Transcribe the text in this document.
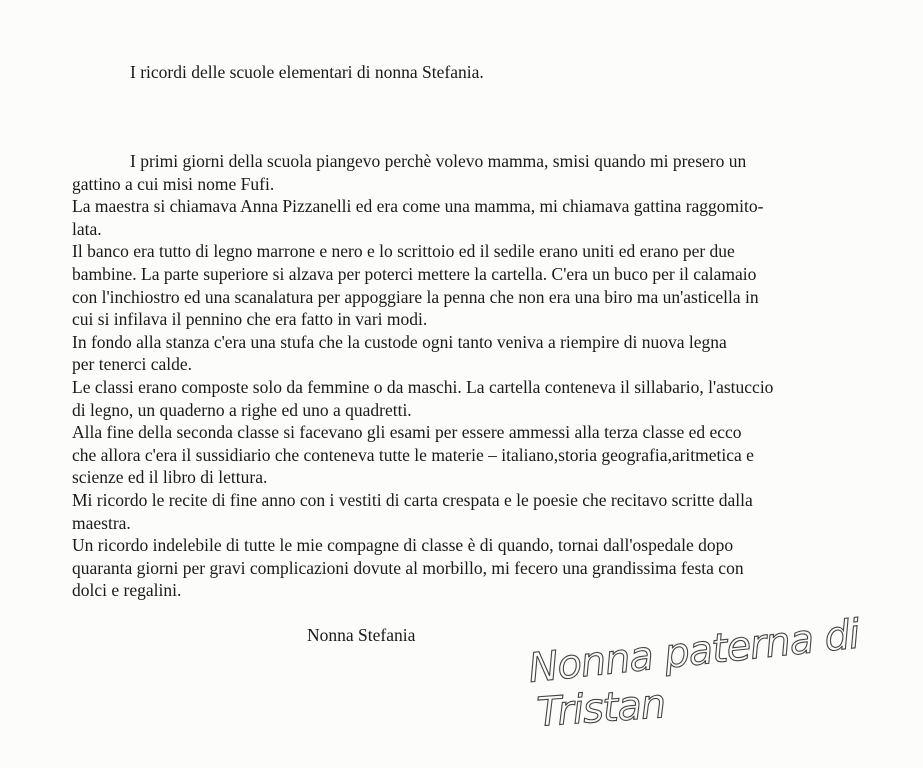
I ricordi delle scuole elementari di nonna Stefania.

I primi giorni della scuola piangevo perchè volevo mamma, smisi quando mi presero un
gattino a cui misi nome Fufi.
La maestra si chiamava Anna Pizzanelli ed era come una mamma, mi chiamava gattina raggomito-
lata.
Il banco era tutto di legno marrone e nero e lo scrittoio ed il sedile erano uniti ed erano per due
bambine. La parte superiore si alzava per poterci mettere la cartella. C'era un buco per il calamaio
con l'inchiostro ed una scanalatura per appoggiare la penna che non era una biro ma un'asticella in
cui si infilava il pennino che era fatto in vari modi.
In fondo alla stanza c'era una stufa che la custode ogni tanto veniva a riempire di nuova legna
per tenerci calde.
Le classi erano composte solo da femmine o da maschi. La cartella conteneva il sillabario, l'astuccio
di legno, un quaderno a righe ed uno a quadretti.
Alla fine della seconda classe si facevano gli esami per essere ammessi alla terza classe ed ecco
che allora c'era il sussidiario che conteneva tutte le materie – italiano,storia geografia,aritmetica e
scienze ed il libro di lettura.
Mi ricordo le recite di fine anno con i vestiti di carta crespata e le poesie che recitavo scritte dalla
maestra.
Un ricordo indelebile di tutte le mie compagne di classe è di quando, tornai dall'ospedale dopo
quaranta giorni per gravi complicazioni dovute al morbillo, mi fecero una grandissima festa con
dolci e regalini.
Nonna Stefania	Nonna paterna di
Tristan
